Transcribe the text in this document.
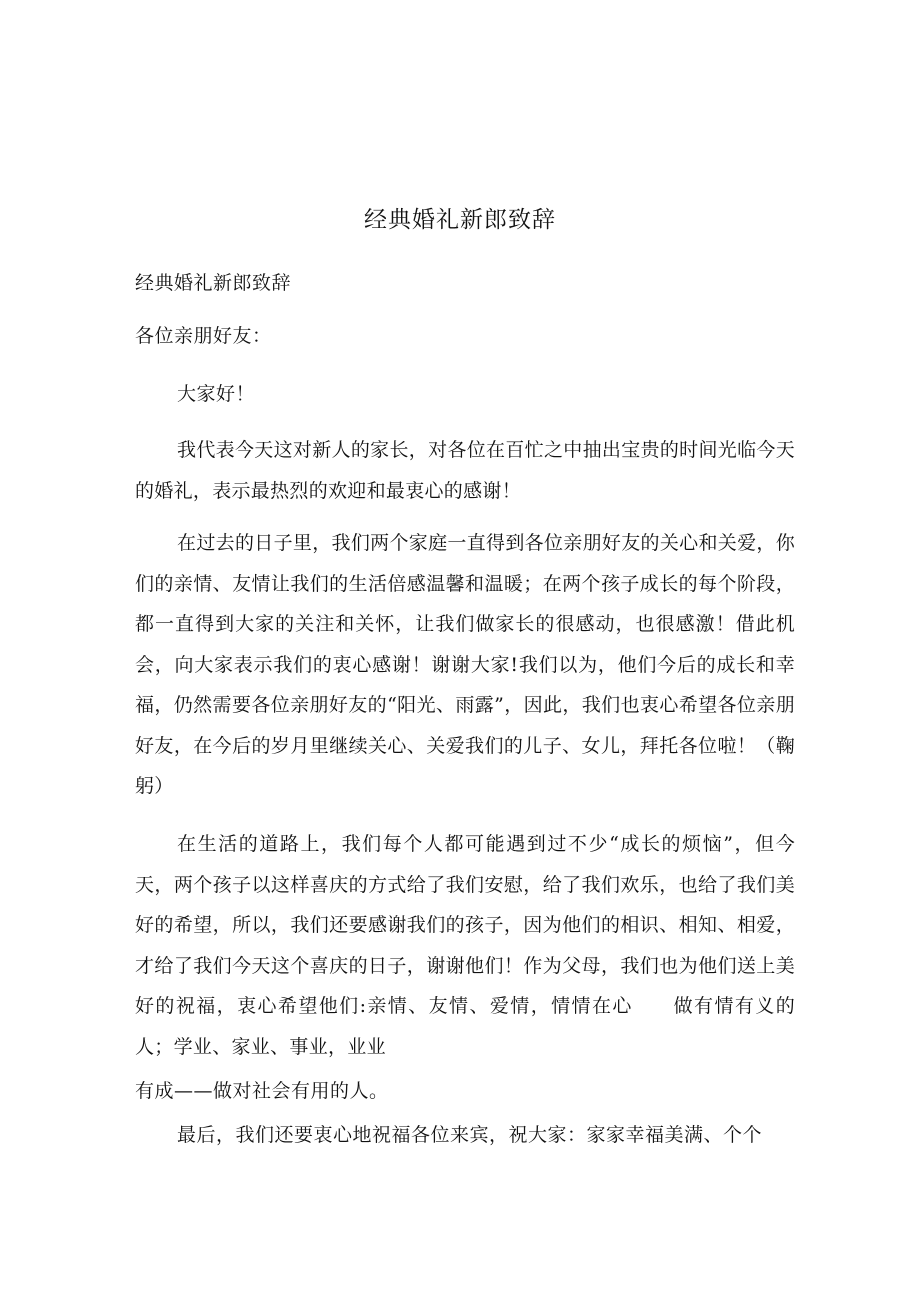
经典婚礼新郎致辞
经典婚礼新郎致辞
各位亲朋好友：
大家好！
我代表今天这对新人的家长，对各位在百忙之中抽出宝贵的时间光临今天的婚礼，表示最热烈的欢迎和最衷心的感谢！
在过去的日子里，我们两个家庭一直得到各位亲朋好友的关心和关爱，你们的亲情、友情让我们的生活倍感温馨和温暖；在两个孩子成长的每个阶段，都一直得到大家的关注和关怀，让我们做家长的很感动，也很感激！借此机会，向大家表示我们的衷心感谢！谢谢大家!我们以为，他们今后的成长和幸福，仍然需要各位亲朋好友的“阳光、雨露”，因此，我们也衷心希望各位亲朋好友，在今后的岁月里继续关心、关爱我们的儿子、女儿，拜托各位啦！（鞠躬）
在生活的道路上，我们每个人都可能遇到过不少“成长的烦恼”，但今天，两个孩子以这样喜庆的方式给了我们安慰，给了我们欢乐，也给了我们美好的希望，所以，我们还要感谢我们的孩子，因为他们的相识、相知、相爱，才给了我们今天这个喜庆的日子，谢谢他们！作为父母，我们也为他们送上美好的祝福，衷心希望他们:亲情、友情、爱情，情情在心　　做有情有义的人；学业、家业、事业，业业
有成——做对社会有用的人。
最后，我们还要衷心地祝福各位来宾，祝大家：家家幸福美满、个个
